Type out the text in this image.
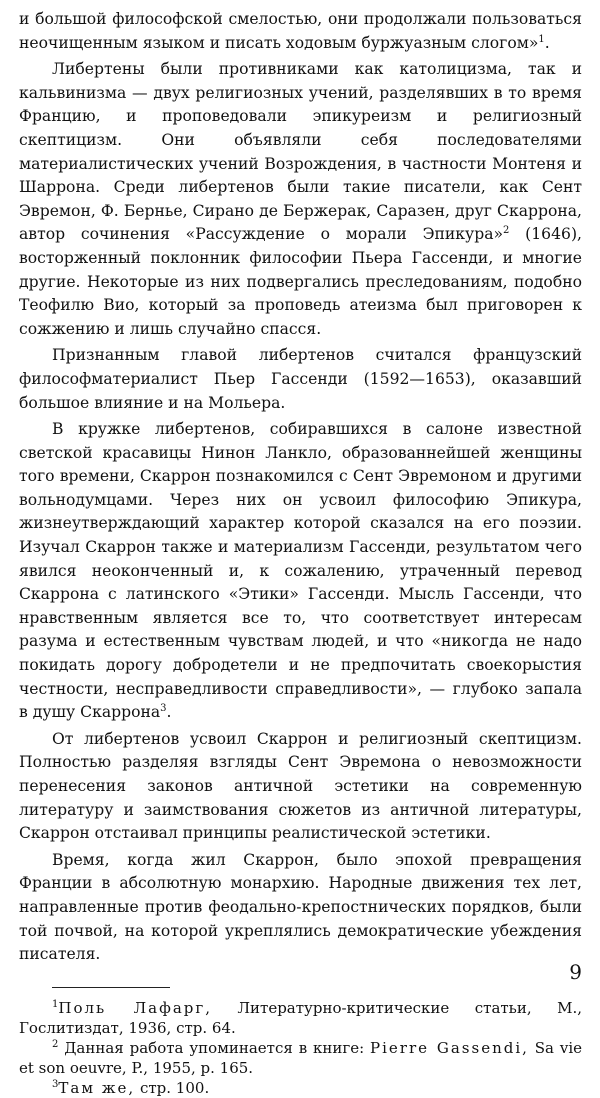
и большой философской смелостью, они продолжали пользоваться неочищенным языком и писать ходовым буржуазным слогом»$^1$.

Либертены были противниками как католицизма, так и кальвинизма — двух религиозных учений, разделявших в то время Францию, и проповедовали эпикуреизм и религиозный скептицизм. Они объявляли себя последователями материалистических учений Возрождения, в частности Монтеня и Шаррона. Среди либертенов были такие писатели, как Сент Эвремон, Ф. Бернье, Сирано де Бержерак, Саразен, друг Скаррона, автор сочинения «Рассуждение о морали Эпикура»$^2$ (1646), восторженный поклонник философии Пьера Гассенди, и многие другие. Некоторые из них подвергались преследованиям, подобно Теофилю Вио, который за проповедь атеизма был приговорен к сожжению и лишь случайно спасся.

Признанным главой либертенов считался французский философматериалист Пьер Гассенди (1592—1653), оказавший большое влияние и на Мольера.

В кружке либертенов, собиравшихся в салоне известной светской красавицы Нинон Ланкло, образованнейшей женщины того времени, Скаррон познакомился с Сент Эвремоном и другими вольнодумцами. Через них он усвоил философию Эпикура, жизнеутверждающий характер которой сказался на его поэзии. Изучал Скаррон также и материализм Гассенди, результатом чего явился неоконченный и, к сожалению, утраченный перевод Скаррона с латинского «Этики» Гассенди. Мысль Гассенди, что нравственным является все то, что соответствует интересам разума и естественным чувствам людей, и что «никогда не надо покидать дорогу добродетели и не предпочитать своекорыстия честности, несправедливости справедливости», — глубоко запала в душу Скаррона$^3$.

От либертенов усвоил Скаррон и религиозный скептицизм. Полностью разделяя взгляды Сент Эвремона о невозможности перенесения законов античной эстетики на современную литературу и заимствования сюжетов из античной литературы, Скаррон отстаивал принципы реалистической эстетики.

Время, когда жил Скаррон, было эпохой превращения Франции в абсолютную монархию. Народные движения тех лет, направленные против феодально-крепостнических порядков, были той почвой, на которой укреплялись демократические убеждения писателя.

$^1$Поль Лафарг, Литературно-критические статьи, М., Гослитиздат, 1936, стр. 64.

$^2$ Данная работа упоминается в книге: Pierre Gassendi, Sa vie et son oeuvre, P., 1955, p. 165.

$^3$Там же, стр. 100.

9
